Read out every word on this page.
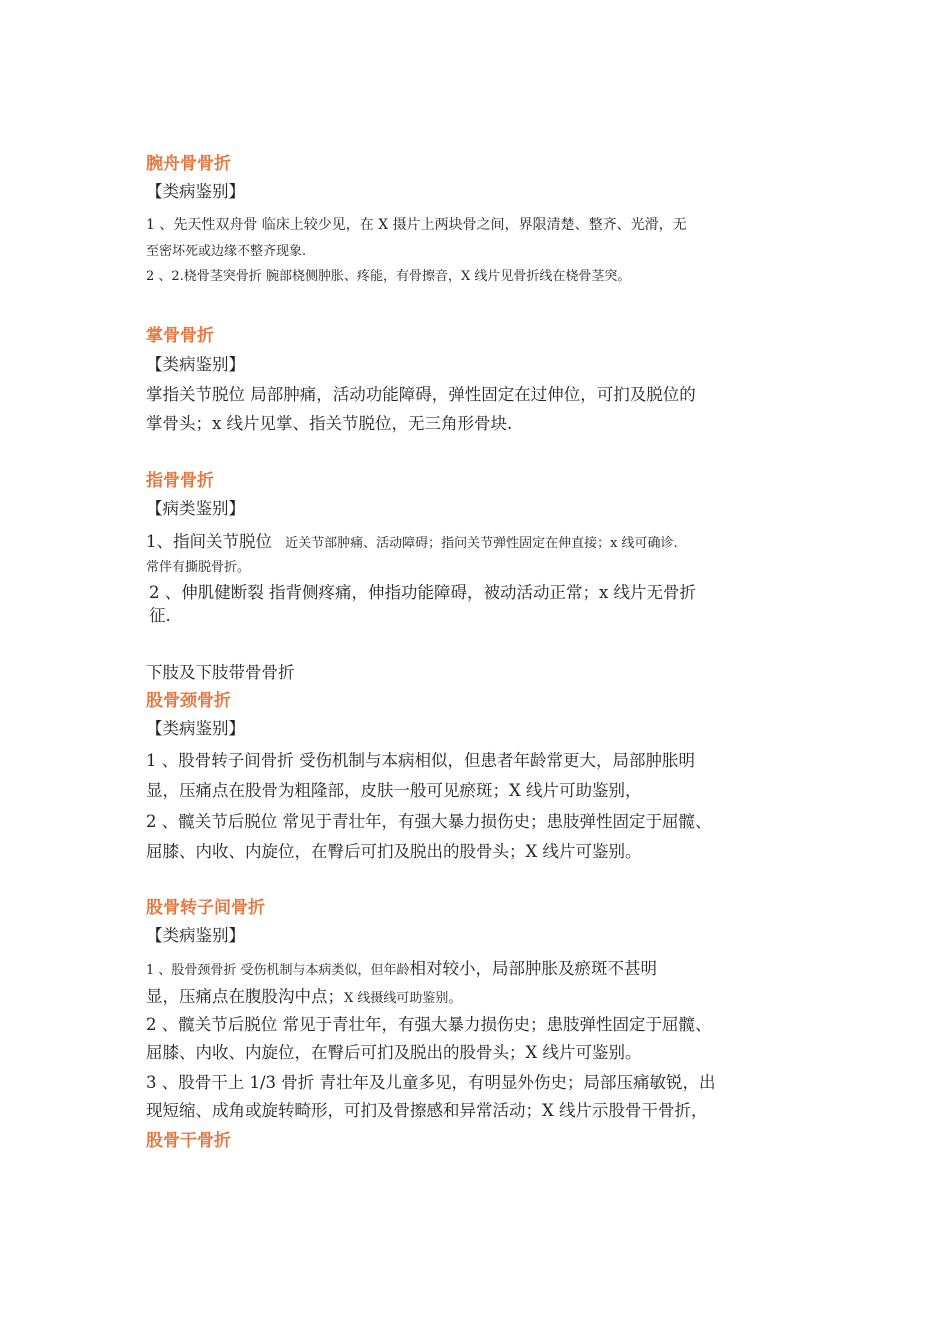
腕舟骨骨折
【类病鉴别】
1 、先天性双舟骨 临床上较少见，在 X 摄片上两块骨之间，界限清楚、整齐、光滑，无
至密坏死或边缘不整齐现象.
2 、2.桡骨茎突骨折 腕部桡侧肿胀、疼能，有骨擦音，X 线片见骨折线在桡骨茎突。
掌骨骨折
【类病鉴别】
掌指关节脱位 局部肿痛，活动功能障碍，弹性固定在过伸位，可扪及脱位的
掌骨头；x 线片见掌、指关节脱位，无三角形骨块.
指骨骨折
【病类鉴别】
1、指间关节脱位 近关节部肿痛、活动障碍；指问关节弹性固定在伸直接；x 线可确诊.
常伴有撕脱骨折。
2 、伸肌健断裂 指背侧疼痛，伸指功能障碍，被动活动正常；x 线片无骨折
征.
下肢及下肢带骨骨折
股骨颈骨折
【类病鉴别】
1 、股骨转子间骨折 受伤机制与本病相似，但患者年龄常更大，局部肿胀明
显，压痛点在股骨为粗隆部，皮肤一般可见瘀斑；X 线片可助鉴别，
2 、髋关节后脱位 常见于青壮年，有强大暴力损伤史；患肢弹性固定于屈髋、
屈膝、内收、内旋位，在臀后可扪及脱出的股骨头；X 线片可鉴别。
股骨转子间骨折
【类病鉴别】
1 、股骨颈骨折 受伤机制与本病类似，但年龄相对较小，局部肿胀及瘀斑不甚明
显，压痛点在腹股沟中点；X 线摄线可助鉴别。
2 、髋关节后脱位 常见于青壮年，有强大暴力损伤史；患肢弹性固定于屈髋、
屈膝、内收、内旋位，在臀后可扪及脱出的股骨头；X 线片可鉴别。
3 、股骨干上 1/3 骨折 青壮年及儿童多见，有明显外伤史；局部压痛敏锐，出
现短缩、成角或旋转畸形，可扪及骨擦感和异常活动；X 线片示股骨干骨折，
股骨干骨折
